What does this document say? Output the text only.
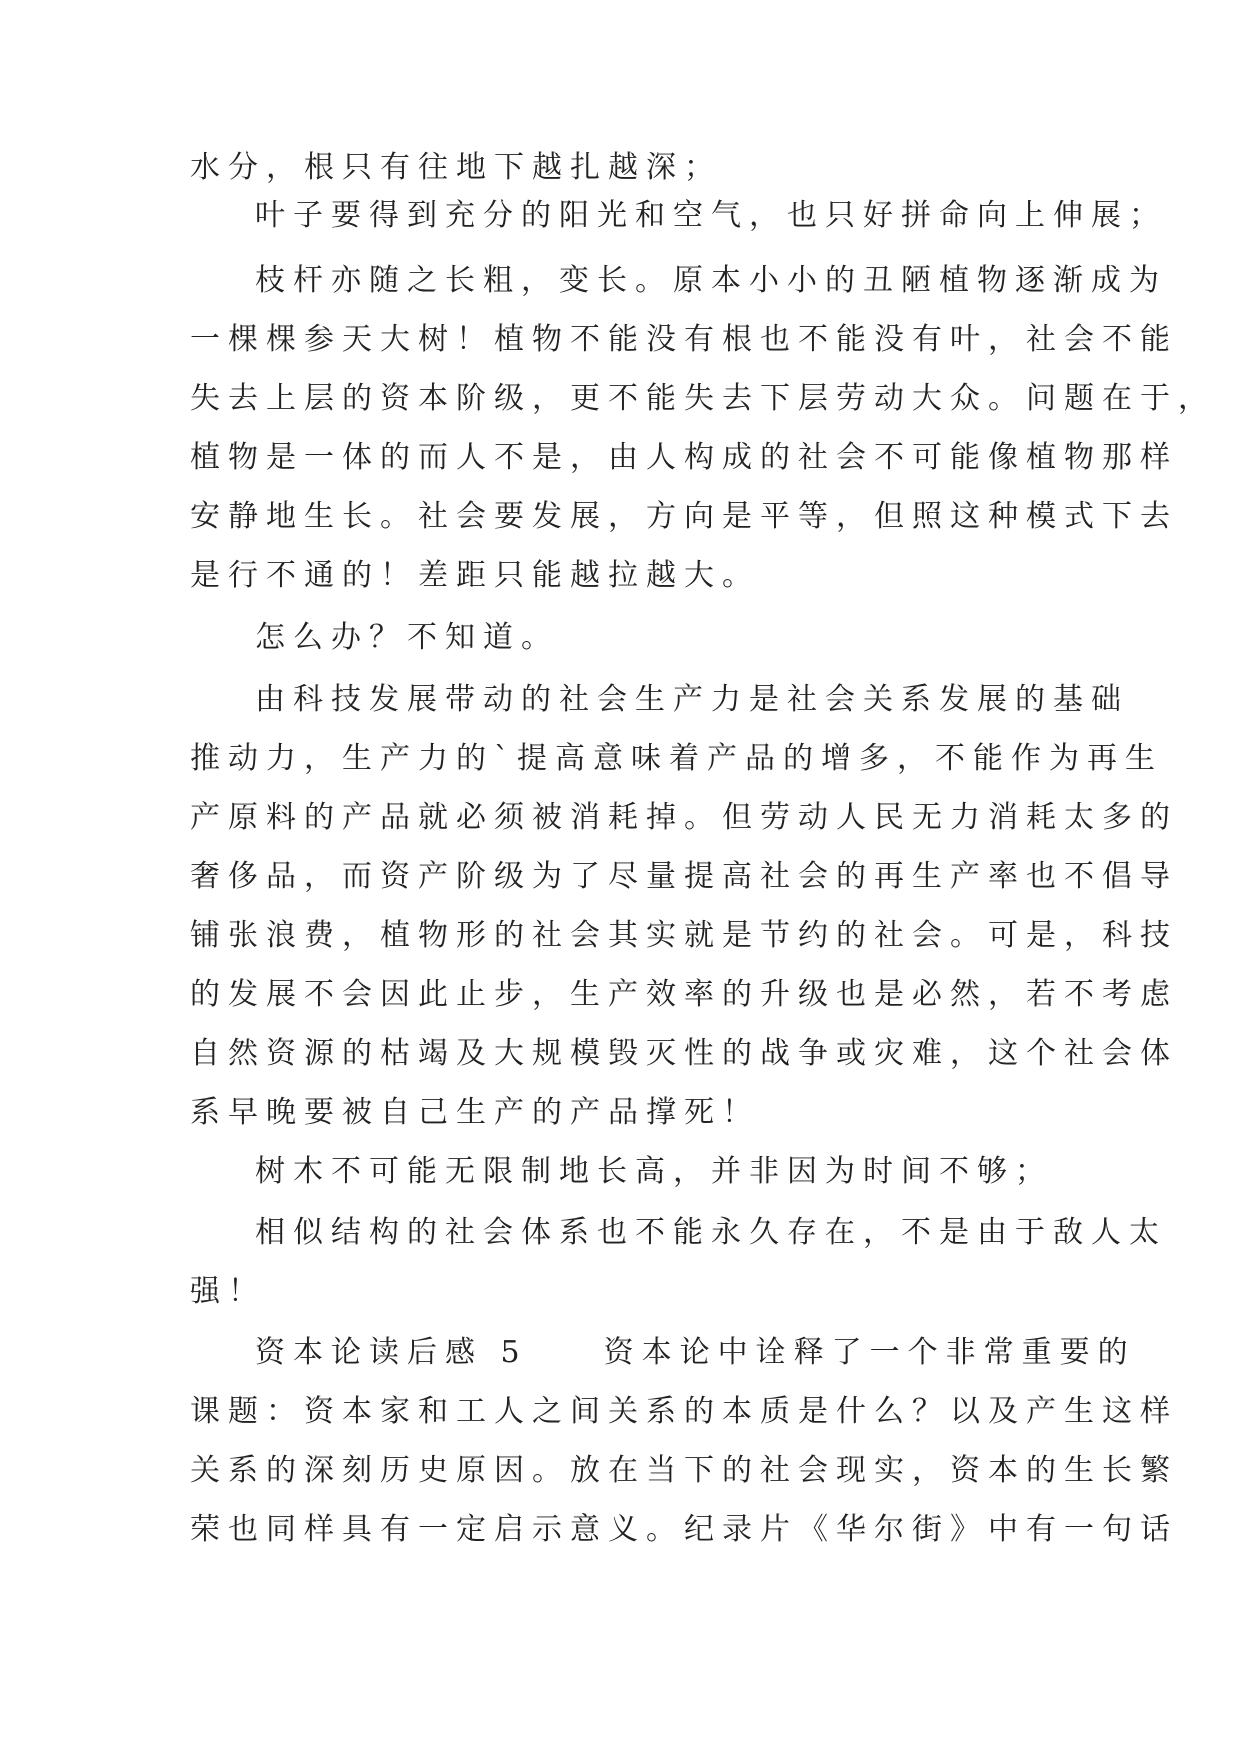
水分，根只有往地下越扎越深；
叶子要得到充分的阳光和空气，也只好拼命向上伸展；
枝杆亦随之长粗，变长。原本小小的丑陋植物逐渐成为
一棵棵参天大树！植物不能没有根也不能没有叶，社会不能
失去上层的资本阶级，更不能失去下层劳动大众。问题在于，
植物是一体的而人不是，由人构成的社会不可能像植物那样
安静地生长。社会要发展，方向是平等，但照这种模式下去
是行不通的！差距只能越拉越大。
怎么办？不知道。
由科技发展带动的社会生产力是社会关系发展的基础
推动力，生产力的`提高意味着产品的增多，不能作为再生
产原料的产品就必须被消耗掉。但劳动人民无力消耗太多的
奢侈品，而资产阶级为了尽量提高社会的再生产率也不倡导
铺张浪费，植物形的社会其实就是节约的社会。可是，科技
的发展不会因此止步，生产效率的升级也是必然，若不考虑
自然资源的枯竭及大规模毁灭性的战争或灾难，这个社会体
系早晚要被自己生产的产品撑死！
树木不可能无限制地长高，并非因为时间不够；
相似结构的社会体系也不能永久存在，不是由于敌人太
强！
资本论读后感 5　　资本论中诠释了一个非常重要的
课题：资本家和工人之间关系的本质是什么？以及产生这样
关系的深刻历史原因。放在当下的社会现实，资本的生长繁
荣也同样具有一定启示意义。纪录片《华尔街》中有一句话
